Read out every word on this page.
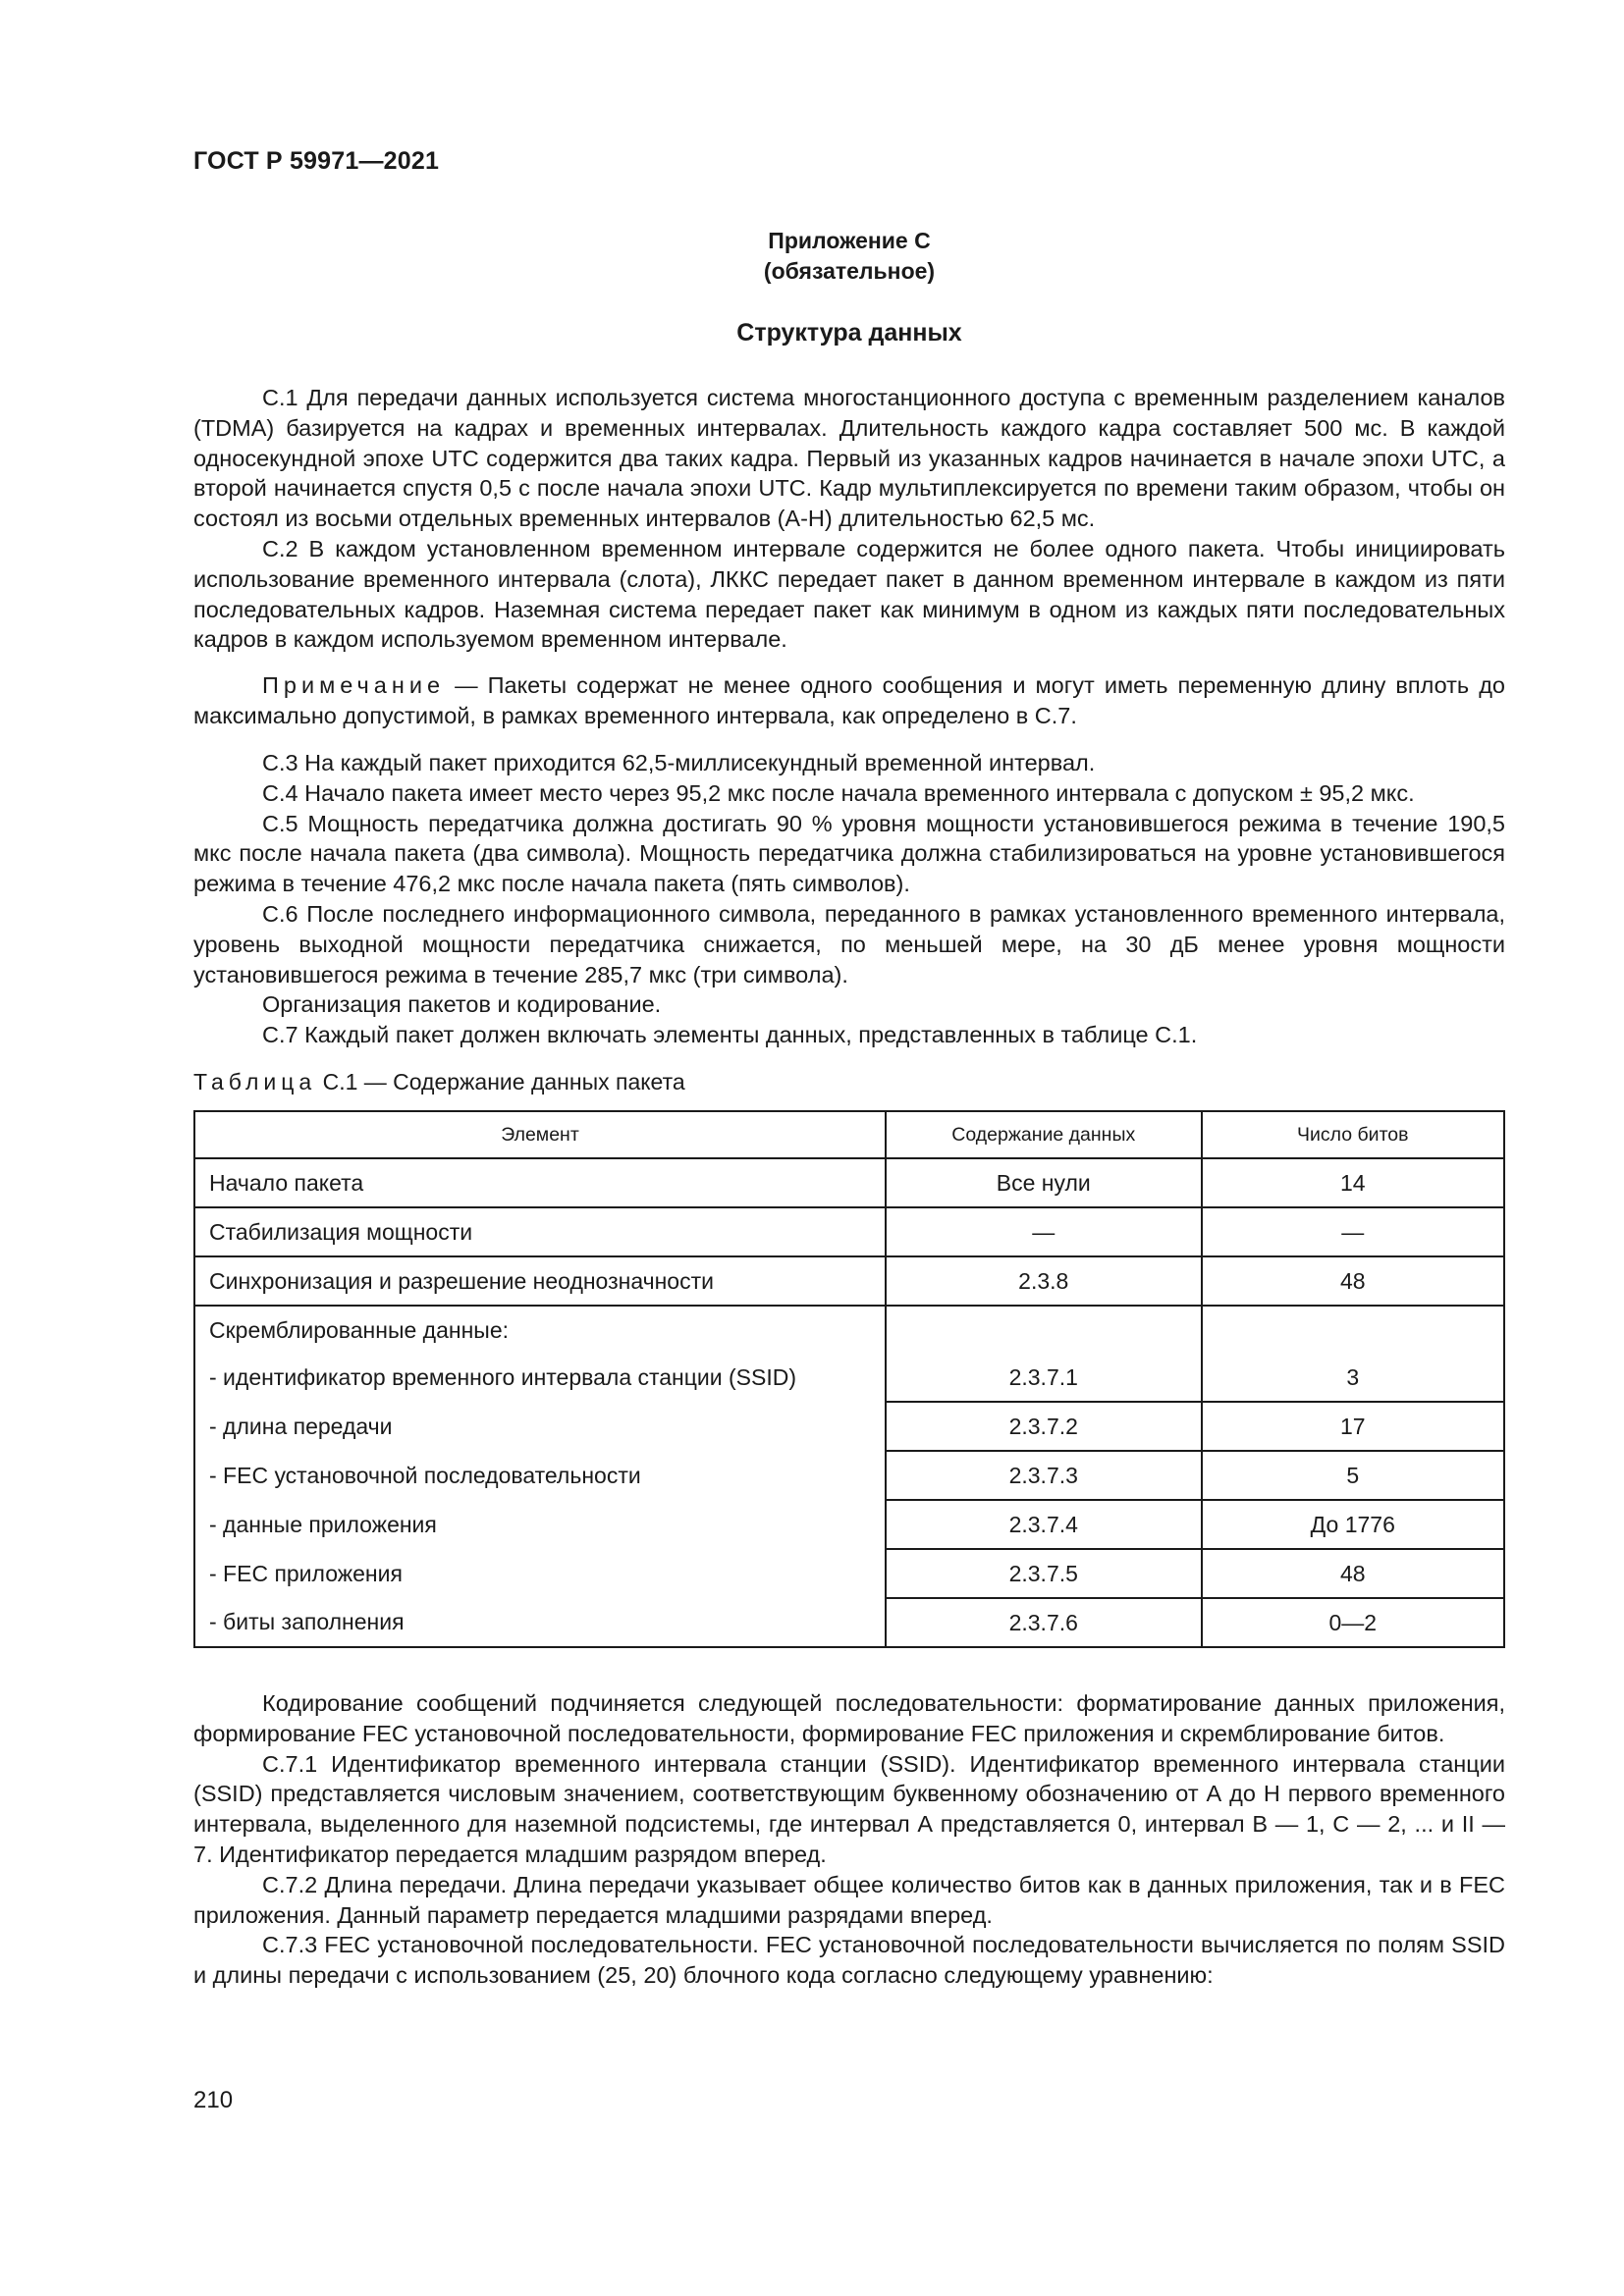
ГОСТ Р 59971—2021
Приложение С
(обязательное)
Структура данных

С.1 Для передачи данных используется система многостанционного доступа с временным разделением каналов (TDMA) базируется на кадрах и временных интервалах. Длительность каждого кадра составляет 500 мс. В каждой односекундной эпохе UTC содержится два таких кадра. Первый из указанных кадров начинается в начале эпохи UTC, а второй начинается спустя 0,5 с после начала эпохи UTC. Кадр мультиплексируется по времени таким образом, чтобы он состоял из восьми отдельных временных интервалов (А-Н) длительностью 62,5 мс.

С.2 В каждом установленном временном интервале содержится не более одного пакета. Чтобы инициировать использование временного интервала (слота), ЛККС передает пакет в данном временном интервале в каждом из пяти последовательных кадров. Наземная система передает пакет как минимум в одном из каждых пяти последовательных кадров в каждом используемом временном интервале.

Примечание — Пакеты содержат не менее одного сообщения и могут иметь переменную длину вплоть до максимально допустимой, в рамках временного интервала, как определено в С.7.

С.3 На каждый пакет приходится 62,5-миллисекундный временной интервал.

С.4 Начало пакета имеет место через 95,2 мкс после начала временного интервала с допуском ± 95,2 мкс.

С.5 Мощность передатчика должна достигать 90 % уровня мощности установившегося режима в течение 190,5 мкс после начала пакета (два символа). Мощность передатчика должна стабилизироваться на уровне установившегося режима в течение 476,2 мкс после начала пакета (пять символов).

С.6 После последнего информационного символа, переданного в рамках установленного временного интервала, уровень выходной мощности передатчика снижается, по меньшей мере, на 30 дБ менее уровня мощности установившегося режима в течение 285,7 мкс (три символа).

Организация пакетов и кодирование.

С.7 Каждый пакет должен включать элементы данных, представленных в таблице С.1.

Таблица С.1 — Содержание данных пакета
Элемент	Содержание данных	Число битов
Начало пакета	Все нули	14
Стабилизация мощности	—	—
Синхронизация и разрешение неоднозначности	2.3.8	48
Скремблированные данные:		
- идентификатор временного интервала станции (SSID)	2.3.7.1	3
- длина передачи	2.3.7.2	17
- FEC установочной последовательности	2.3.7.3	5
- данные приложения	2.3.7.4	До 1776
- FEC приложения	2.3.7.5	48
- биты заполнения	2.3.7.6	0—2

Кодирование сообщений подчиняется следующей последовательности: форматирование данных приложения, формирование FEC установочной последовательности, формирование FEC приложения и скремблирование битов.

С.7.1 Идентификатор временного интервала станции (SSID). Идентификатор временного интервала станции (SSID) представляется числовым значением, соответствующим буквенному обозначению от А до Н первого временного интервала, выделенного для наземной подсистемы, где интервал А представляется 0, интервал В — 1, С — 2, ... и II — 7. Идентификатор передается младшим разрядом вперед.

С.7.2 Длина передачи. Длина передачи указывает общее количество битов как в данных приложения, так и в FEC приложения. Данный параметр передается младшими разрядами вперед.

С.7.3 FEC установочной последовательности. FEC установочной последовательности вычисляется по полям SSID и длины передачи с использованием (25, 20) блочного кода согласно следующему уравнению:

210
